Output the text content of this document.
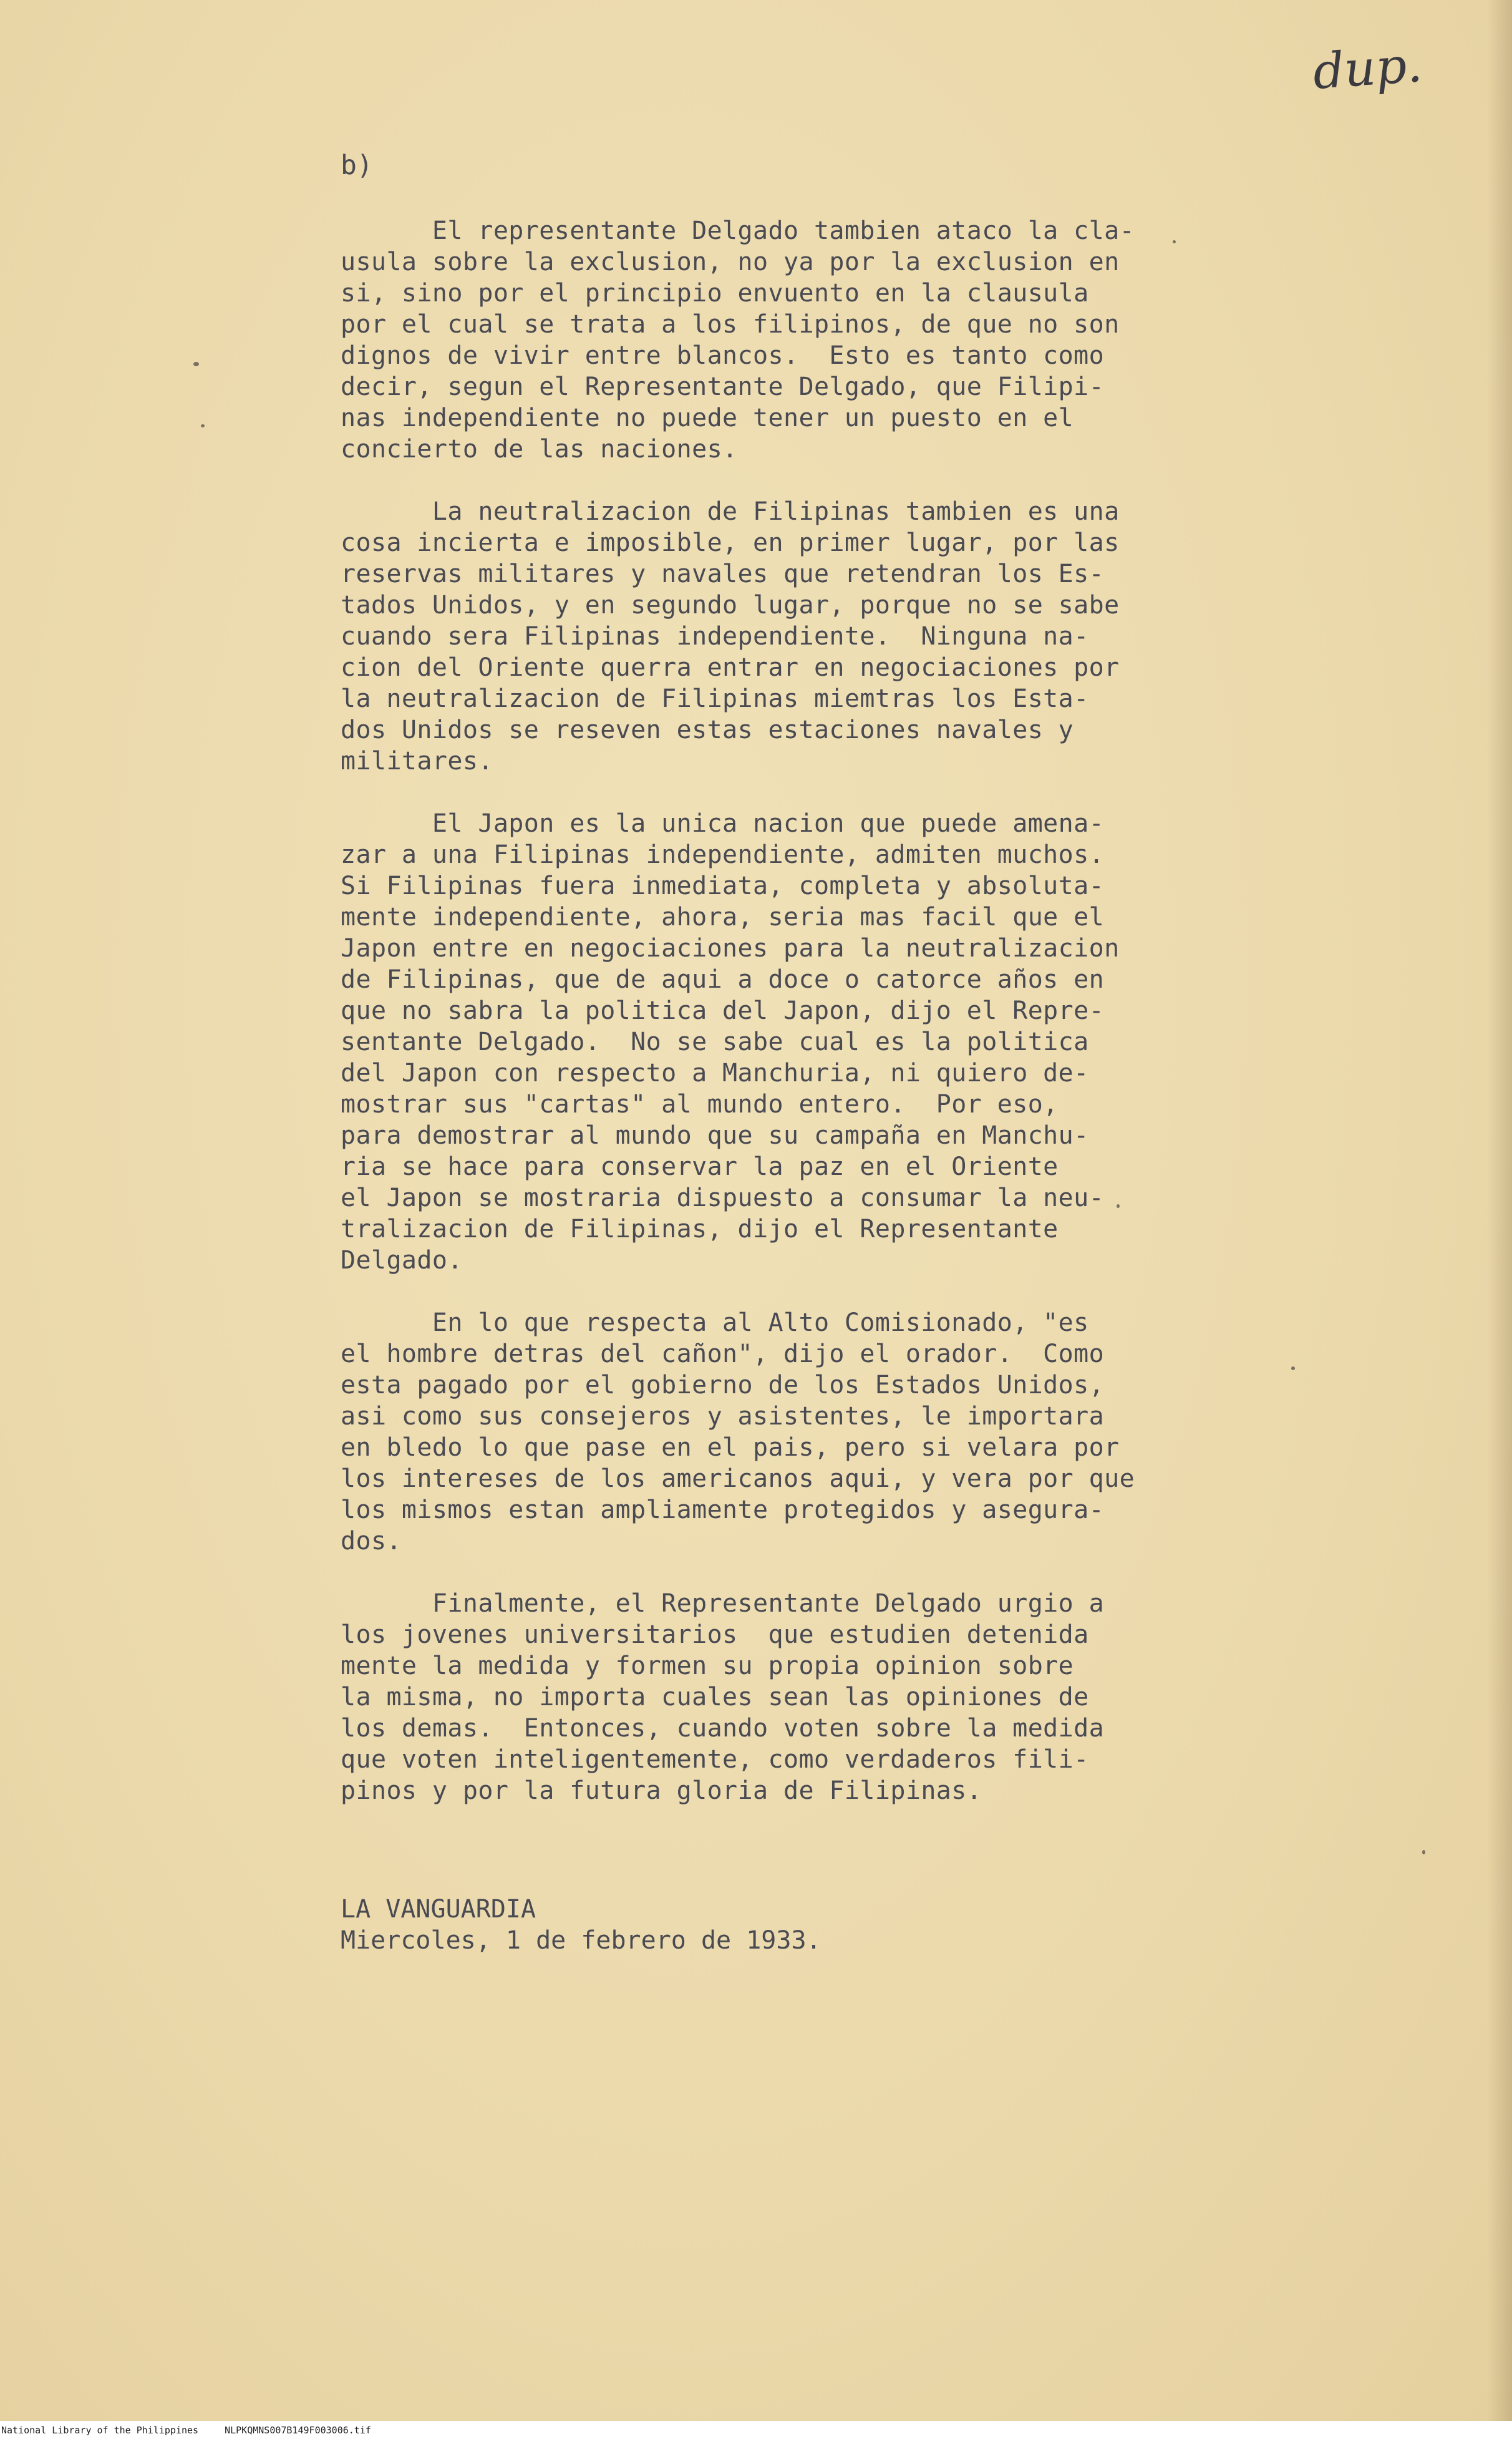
dup.

b)

El representante Delgado tambien ataco la cla-
usula sobre la exclusion, no ya por la exclusion en
si, sino por el principio envuento en la clausula
por el cual se trata a los filipinos, de que no son
dignos de vivir entre blancos.  Esto es tanto como
decir, segun el Representante Delgado, que Filipi-
nas independiente no puede tener un puesto en el
concierto de las naciones.

La neutralizacion de Filipinas tambien es una
cosa incierta e imposible, en primer lugar, por las
reservas militares y navales que retendran los Es-
tados Unidos, y en segundo lugar, porque no se sabe
cuando sera Filipinas independiente.  Ninguna na-
cion del Oriente querra entrar en negociaciones por
la neutralizacion de Filipinas miemtras los Esta-
dos Unidos se reseven estas estaciones navales y
militares.

El Japon es la unica nacion que puede amena-
zar a una Filipinas independiente, admiten muchos.
Si Filipinas fuera inmediata, completa y absoluta-
mente independiente, ahora, seria mas facil que el
Japon entre en negociaciones para la neutralizacion
de Filipinas, que de aqui a doce o catorce años en
que no sabra la politica del Japon, dijo el Repre-
sentante Delgado.  No se sabe cual es la politica
del Japon con respecto a Manchuria, ni quiero de-
mostrar sus "cartas" al mundo entero.  Por eso,
para demostrar al mundo que su campaña en Manchu-
ria se hace para conservar la paz en el Oriente
el Japon se mostraria dispuesto a consumar la neu-
tralizacion de Filipinas, dijo el Representante
Delgado.

En lo que respecta al Alto Comisionado, "es
el hombre detras del cañon", dijo el orador.  Como
esta pagado por el gobierno de los Estados Unidos,
asi como sus consejeros y asistentes, le importara
en bledo lo que pase en el pais, pero si velara por
los intereses de los americanos aqui, y vera por que
los mismos estan ampliamente protegidos y asegura-
dos.

Finalmente, el Representante Delgado urgio a
los jovenes universitarios  que estudien detenida
mente la medida y formen su propia opinion sobre
la misma, no importa cuales sean las opiniones de
los demas.  Entonces, cuando voten sobre la medida
que voten inteligentemente, como verdaderos fili-
pinos y por la futura gloria de Filipinas.

LA VANGUARDIA
Miercoles, 1 de febrero de 1933.
National Library of the Philippines	NLPKQMNS007B149F003006.tif
